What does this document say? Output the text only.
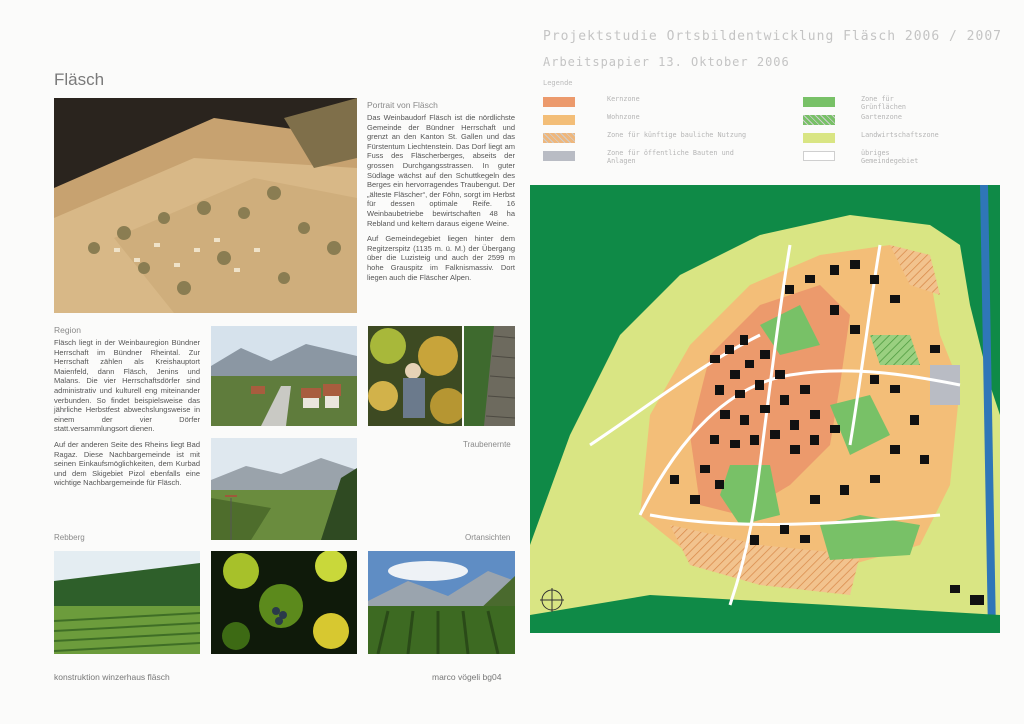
Fläsch
Portrait von Fläsch

Das Weinbaudorf Fläsch ist die nördlichste Gemeinde der Bündner Herrschaft und grenzt an den Kanton St. Gallen und das Fürstentum Liechtenstein. Das Dorf liegt am Fuss des Fläscherberges, abseits der grossen Durchgangsstrassen. In guter Südlage wächst auf den Schuttkegeln des Berges ein hervorragendes Traubengut. Der „älteste Fläscher“, der Föhn, sorgt im Herbst für dessen optimale Reife. 16 Weinbaubetriebe bewirtschaften 48 ha Rebland und keltern daraus eigene Weine.

Auf Gemeindegebiet liegen hinter dem Regitzerspitz (1135 m. ü. M.) der Übergang über die Luzisteig und auch der 2599 m hohe Grauspitz im Falknismassiv. Dort liegen auch die Fläscher Alpen.

Region

Fläsch liegt in der Weinbauregion Bündner Herrschaft im Bündner Rheintal. Zur Herrschaft zählen als Kreishauptort Maienfeld, dann Fläsch, Jenins und Malans. Die vier Herrschaftsdörfer sind administrativ und kulturell eng miteinander verbunden. So findet beispielsweise das jährliche Herbstfest abwechslungsweise in einem der vier Dörfer statt.versammlungsort dienen.

Auf der anderen Seite des Rheins liegt Bad Ragaz. Diese Nachbargemeinde ist mit seinen Einkaufsmöglichkeiten, dem Kurbad und dem Skigebiet Pizol ebenfalls eine wichtige Nachbargemeinde für Fläsch.

Traubenernte
Rebberg	Ortansichten
konstruktion winzerhaus fläsch	marco vögeli bg04
Projektstudie Ortsbildentwicklung Fläsch 2006 / 2007
Arbeitspapier 13. Oktober 2006
Legende
Kernzone
Wohnzone
Zone für künftige bauliche Nutzung
Zone für öffentliche Bauten und Anlagen
Zone für Grünflächen
Gartenzone
Landwirtschaftszone
übriges Gemeindegebiet
